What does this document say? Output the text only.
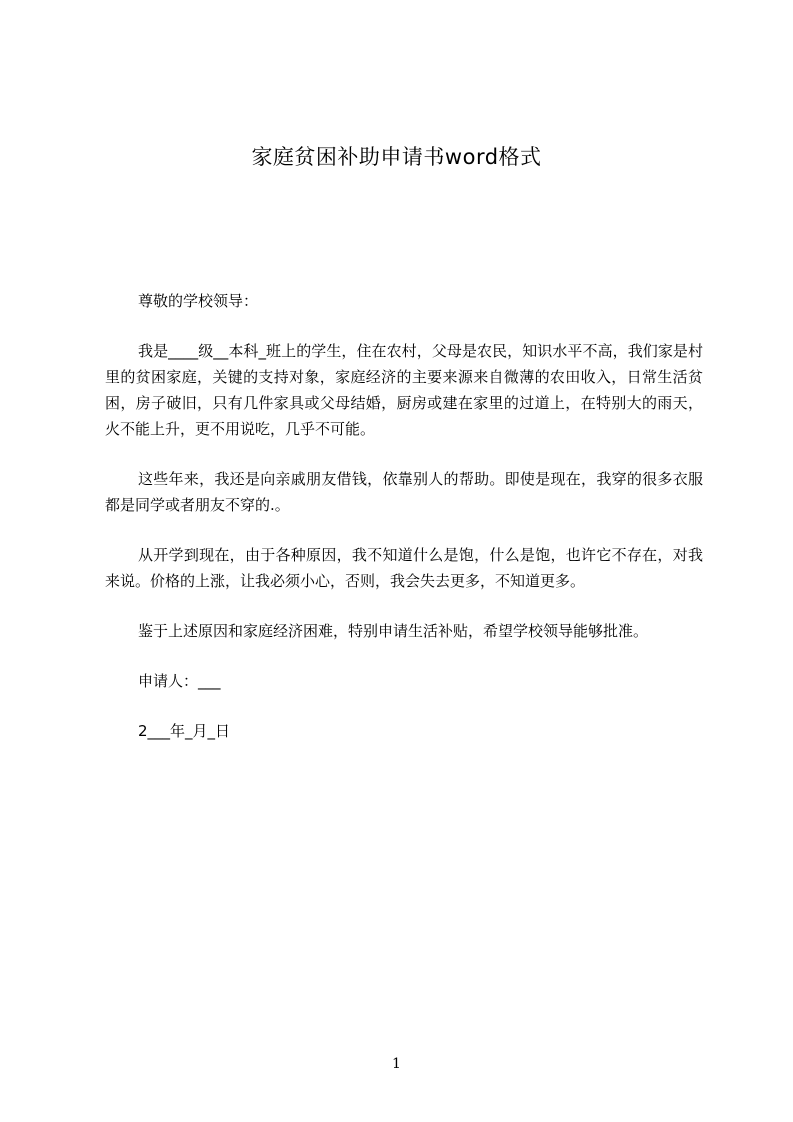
家庭贫困补助申请书word格式

尊敬的学校领导：

我是____级__本科_班上的学生，住在农村，父母是农民，知识水平不高，我们家是村里的贫困家庭，关键的支持对象，家庭经济的主要来源来自微薄的农田收入，日常生活贫困，房子破旧，只有几件家具或父母结婚，厨房或建在家里的过道上，在特别大的雨天，火不能上升，更不用说吃，几乎不可能。

这些年来，我还是向亲戚朋友借钱，依靠别人的帮助。即使是现在，我穿的很多衣服都是同学或者朋友不穿的.。

从开学到现在，由于各种原因，我不知道什么是饱，什么是饱，也许它不存在，对我来说。价格的上涨，让我必须小心，否则，我会失去更多，不知道更多。

鉴于上述原因和家庭经济困难，特别申请生活补贴，希望学校领导能够批准。

申请人：___

2___年_月_日

1
